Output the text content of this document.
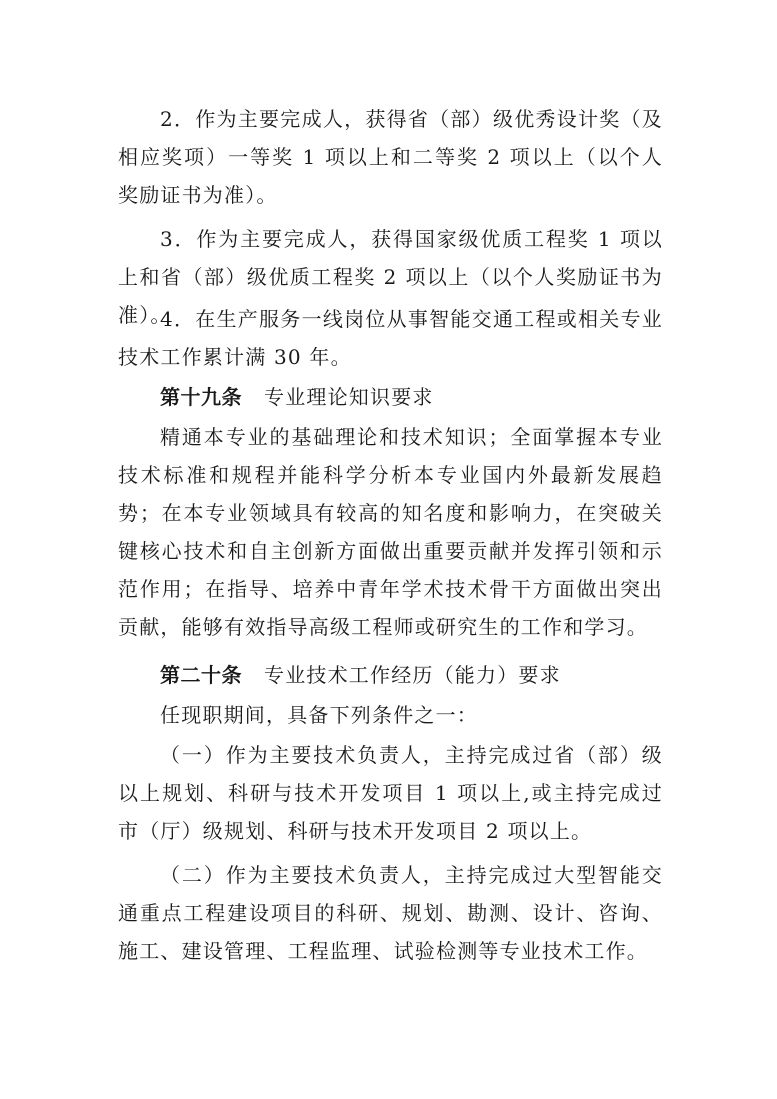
2．作为主要完成人，获得省（部）级优秀设计奖（及相应奖项）一等奖 1 项以上和二等奖 2 项以上（以个人奖励证书为准）。

3．作为主要完成人，获得国家级优质工程奖 1 项以上和省（部）级优质工程奖 2 项以上（以个人奖励证书为准）。

4．在生产服务一线岗位从事智能交通工程或相关专业技术工作累计满 30 年。

第十九条 专业理论知识要求

精通本专业的基础理论和技术知识；全面掌握本专业技术标准和规程并能科学分析本专业国内外最新发展趋势；在本专业领域具有较高的知名度和影响力，在突破关键核心技术和自主创新方面做出重要贡献并发挥引领和示范作用；在指导、培养中青年学术技术骨干方面做出突出贡献，能够有效指导高级工程师或研究生的工作和学习。

第二十条 专业技术工作经历（能力）要求

任现职期间，具备下列条件之一：

（一）作为主要技术负责人，主持完成过省（部）级以上规划、科研与技术开发项目 1 项以上,或主持完成过市（厅）级规划、科研与技术开发项目 2 项以上。

（二）作为主要技术负责人，主持完成过大型智能交通重点工程建设项目的科研、规划、勘测、设计、咨询、施工、建设管理、工程监理、试验检测等专业技术工作。
